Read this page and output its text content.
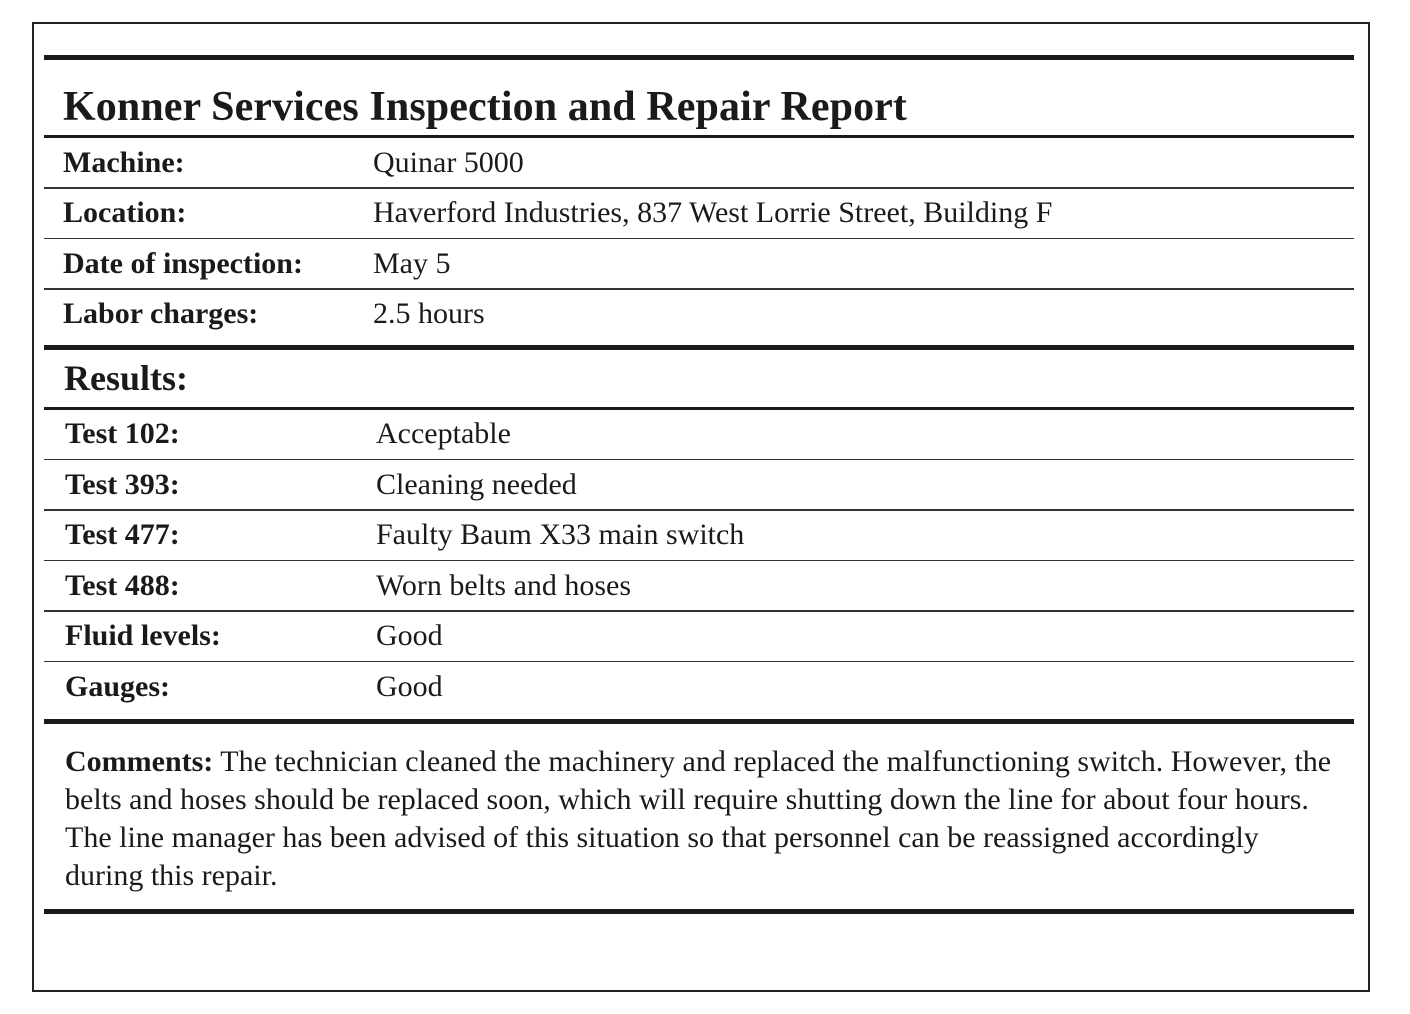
Konner Services Inspection and Repair Report
Machine:	Quinar 5000
Location:	Haverford Industries, 837 West Lorrie Street, Building F
Date of inspection:	May 5
Labor charges:	2.5 hours
Results:
Test 102:	Acceptable
Test 393:	Cleaning needed
Test 477:	Faulty Baum X33 main switch
Test 488:	Worn belts and hoses
Fluid levels:	Good
Gauges:	Good
Comments: The technician cleaned the machinery and replaced the malfunctioning switch. However, the belts and hoses should be replaced soon, which will require shutting down the line for about four hours. The line manager has been advised of this situation so that personnel can be reassigned accordingly during this repair.
